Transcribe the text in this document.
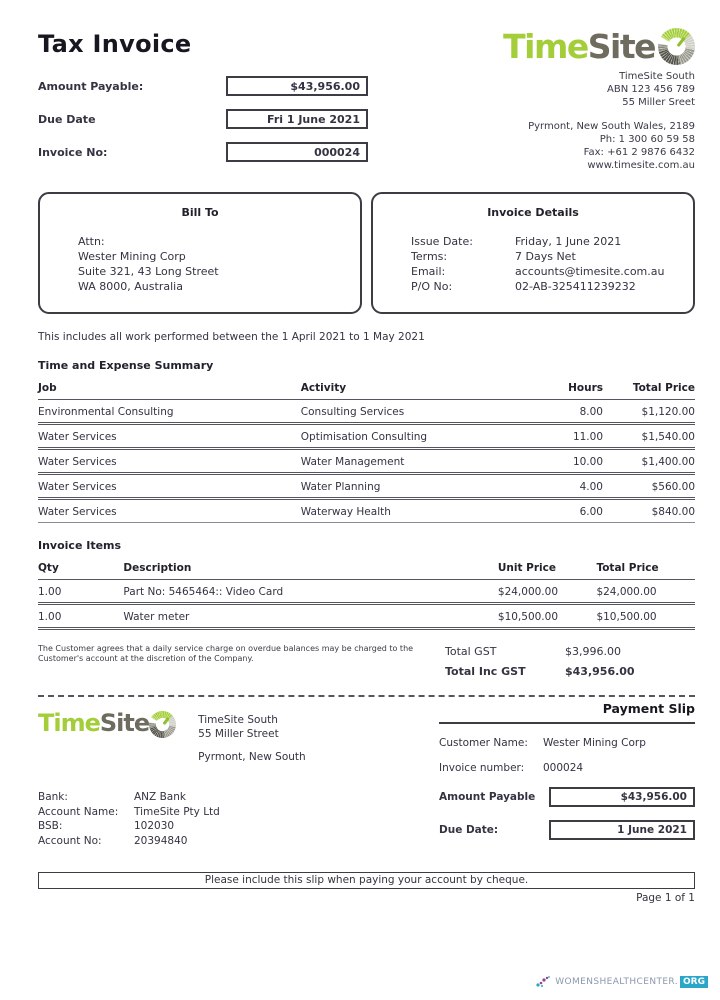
Tax Invoice
Amount Payable:	$43,956.00
Due Date	Fri 1 June 2021
Invoice No:	000024
TimeSite
TimeSite South
ABN 123 456 789
55 Miller Sreet
Pyrmont, New South Wales, 2189
Ph: 1 300 60 59 58
Fax: +61 2 9876 6432
www.timesite.com.au
Bill To
Attn:
Wester Mining Corp
Suite 321, 43 Long Street
WA 8000, Australia
Invoice Details
Issue Date:	Friday, 1 June 2021
Terms:	7 Days Net
Email:	accounts@timesite.com.au
P/O No:	02-AB-325411239232
This includes all work performed between the 1 April 2021 to 1 May 2021
Time and Expense Summary
Job	Activity	Hours	Total Price
Environmental Consulting	Consulting Services	8.00	$1,120.00
Water Services	Optimisation Consulting	11.00	$1,540.00
Water Services	Water Management	10.00	$1,400.00
Water Services	Water Planning	4.00	$560.00
Water Services	Waterway Health	6.00	$840.00
Invoice Items
Qty	Description	Unit Price	Total Price
1.00	Part No: 5465464:: Video Card	$24,000.00	$24,000.00
1.00	Water meter	$10,500.00	$10,500.00
The Customer agrees that a daily service charge on overdue balances may be charged to the Customer's account at the discretion of the Company.
Total GST	$3,996.00
Total Inc GST	$43,956.00
TimeSite	TimeSite South
55 Miller Street
Pyrmont, New South
Bank:	ANZ Bank
Account Name:	TimeSite Pty Ltd
BSB:	102030
Account No:	20394840
Payment Slip
Customer Name:	Wester Mining Corp
Invoice number:	000024
Amount Payable	$43,956.00
Due Date:	1 June 2021
Please include this slip when paying your account by cheque.
Page 1 of 1
WOMENSHEALTHCENTER. ORG
